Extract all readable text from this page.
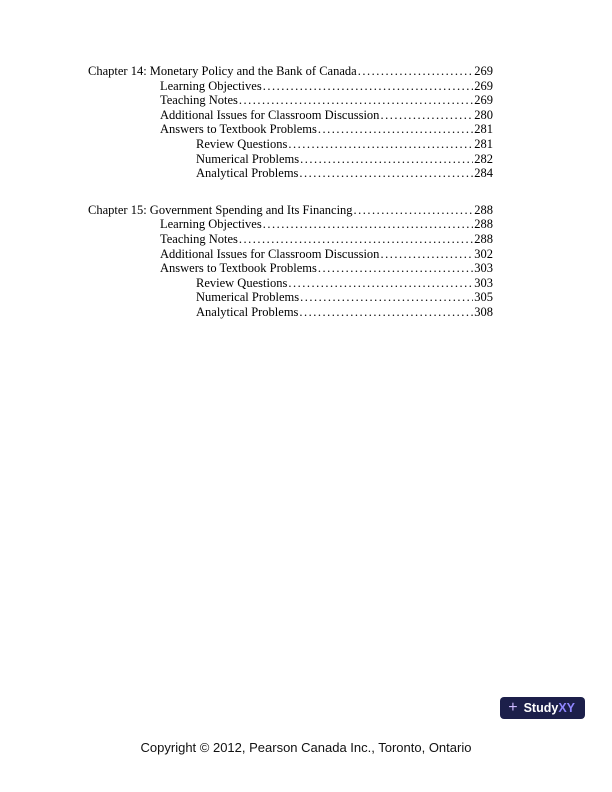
Chapter 14: Monetary Policy and the Bank of Canada .....	269
Learning Objectives .....	269
Teaching Notes .....	269
Additional Issues for Classroom Discussion .....	280
Answers to Textbook Problems .....	281
Review Questions .....	281
Numerical Problems .....	282
Analytical Problems .....	284
Chapter 15: Government Spending and Its Financing .....	288
Learning Objectives .....	288
Teaching Notes .....	288
Additional Issues for Classroom Discussion .....	302
Answers to Textbook Problems .....	303
Review Questions .....	303
Numerical Problems .....	305
Analytical Problems .....	308
+ StudyXY
Copyright © 2012, Pearson Canada Inc., Toronto, Ontario
